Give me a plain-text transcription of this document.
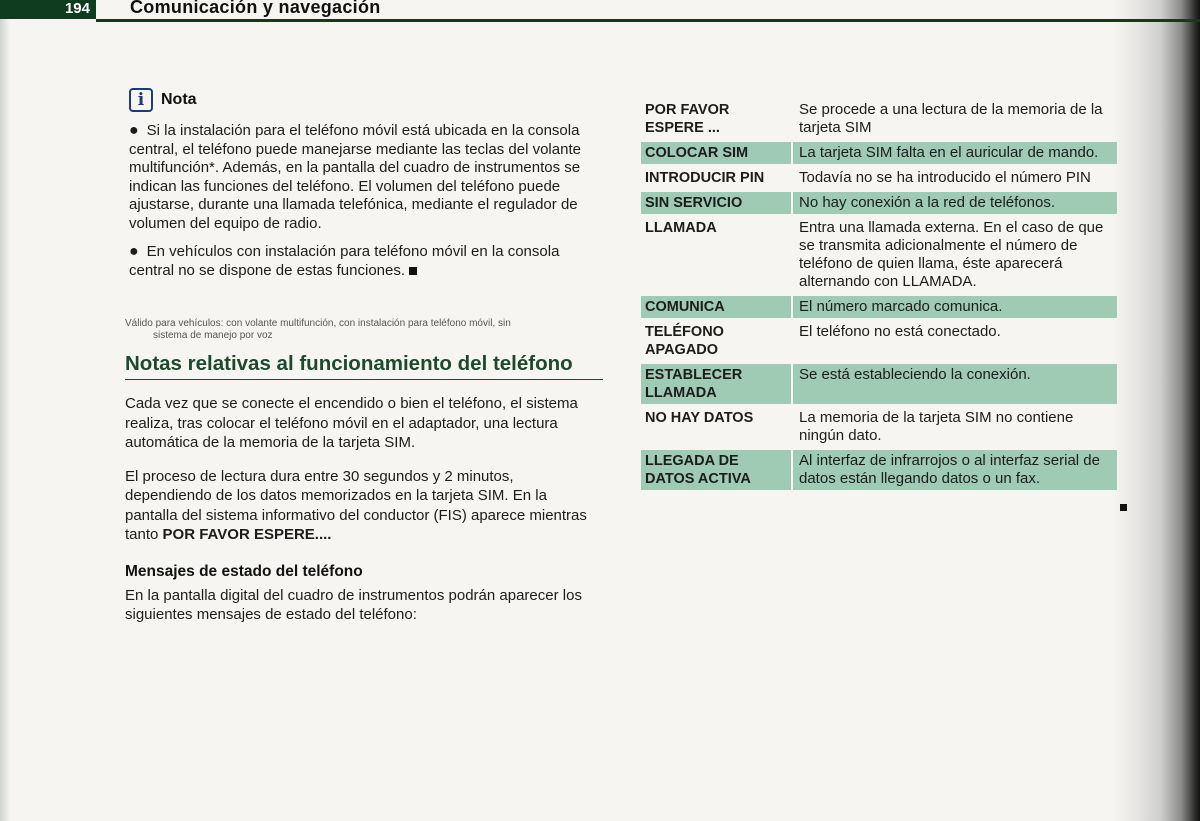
194	Comunicación y navegación
i	Nota
● Si la instalación para el teléfono móvil está ubicada en la consola central, el teléfono puede manejarse mediante las teclas del volante multifunción*. Además, en la pantalla del cuadro de instrumentos se indican las funciones del teléfono. El volumen del teléfono puede ajustarse, durante una llamada telefónica, mediante el regulador de volumen del equipo de radio.
● En vehículos con instalación para teléfono móvil en la consola central no se dispone de estas funciones.
Válido para vehículos: con volante multifunción, con instalación para teléfono móvil, sin
sistema de manejo por voz
Notas relativas al funcionamiento del teléfono
Cada vez que se conecte el encendido o bien el teléfono, el sistema realiza, tras colocar el teléfono móvil en el adaptador, una lectura automática de la memoria de la tarjeta SIM.
El proceso de lectura dura entre 30 segundos y 2 minutos, dependiendo de los datos memorizados en la tarjeta SIM. En la pantalla del sistema informativo del conductor (FIS) aparece mientras tanto POR FAVOR ESPERE....
Mensajes de estado del teléfono
En la pantalla digital del cuadro de instrumentos podrán aparecer los siguientes mensajes de estado del teléfono:
POR FAVOR ESPERE ...	Se procede a una lectura de la memoria de la tarjeta SIM
COLOCAR SIM	La tarjeta SIM falta en el auricular de mando.
INTRODUCIR PIN	Todavía no se ha introducido el número PIN
SIN SERVICIO	No hay conexión a la red de teléfonos.
LLAMADA	Entra una llamada externa. En el caso de que se transmita adicionalmente el número de teléfono de quien llama, éste aparecerá alternando con LLAMADA.
COMUNICA	El número marcado comunica.
TELÉFONO APAGADO	El teléfono no está conectado.
ESTABLECER LLAMADA	Se está estableciendo la conexión.
NO HAY DATOS	La memoria de la tarjeta SIM no contiene ningún dato.
LLEGADA DE DATOS ACTIVA	Al interfaz de infrarrojos o al interfaz serial de datos están llegando datos o un fax.
